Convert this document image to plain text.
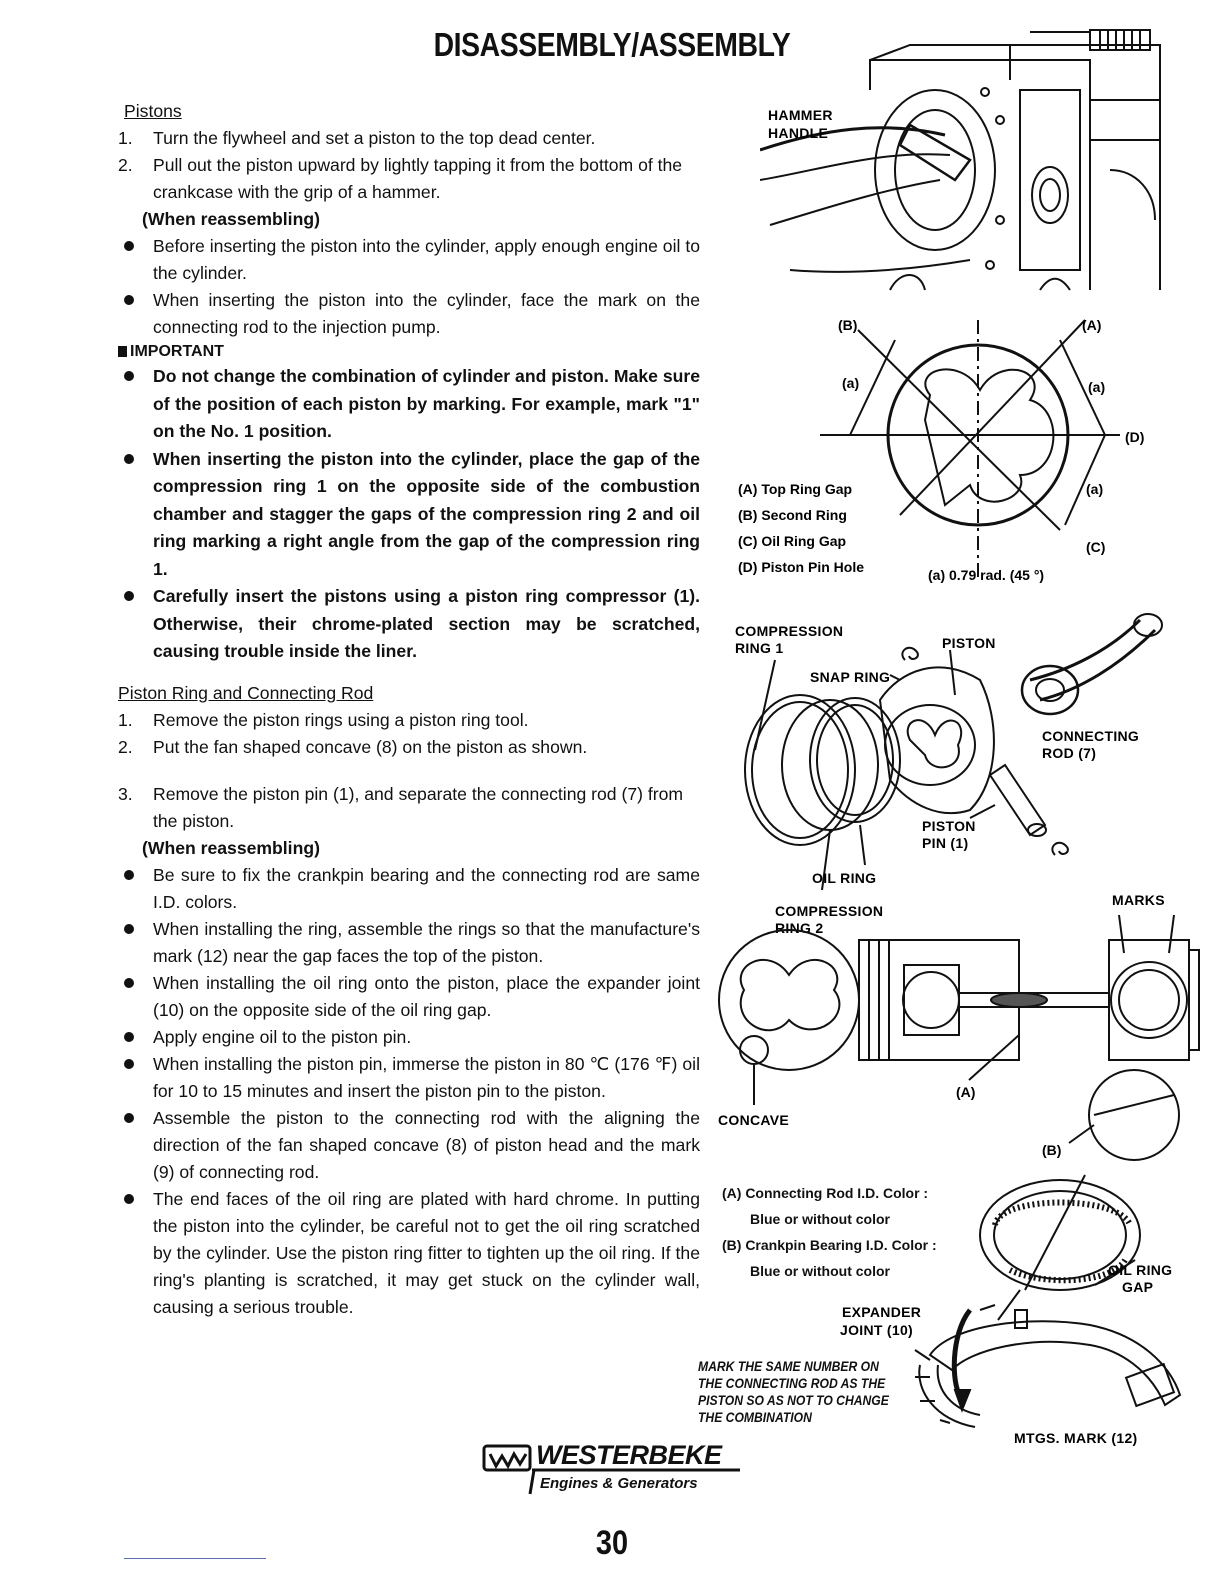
DISASSEMBLY/ASSEMBLY
Pistons
1. Turn the flywheel and set a piston to the top dead center.
2. Pull out the piston upward by lightly tapping it from the bottom of the crankcase with the grip of a hammer.
(When reassembling)
Before inserting the piston into the cylinder, apply enough engine oil to the cylinder.
When inserting the piston into the cylinder, face the mark on the connecting rod to the injection pump.
IMPORTANT
Do not change the combination of cylinder and piston. Make sure of the position of each piston by marking. For example, mark "1" on the No. 1 position.
When inserting the piston into the cylinder, place the gap of the compression ring 1 on the opposite side of the combustion chamber and stagger the gaps of the compression ring 2 and oil ring marking a right angle from the gap of the compression ring 1.
Carefully insert the pistons using a piston ring compressor (1). Otherwise, their chrome-plated section may be scratched, causing trouble inside the liner.
Piston Ring and Connecting Rod
1. Remove the piston rings using a piston ring tool.
2. Put the fan shaped concave (8) on the piston as shown.
3. Remove the piston pin (1), and separate the connecting rod (7) from the piston.
(When reassembling)
Be sure to fix the crankpin bearing and the connecting rod are same I.D. colors.
When installing the ring, assemble the rings so that the manufacture's mark (12) near the gap faces the top of the piston.
When installing the oil ring onto the piston, place the expander joint (10) on the opposite side of the oil ring gap.
Apply engine oil to the piston pin.
When installing the piston pin, immerse the piston in 80 ℃ (176 ℉) oil for 10 to 15 minutes and insert the piston pin to the piston.
Assemble the piston to the connecting rod with the aligning the direction of the fan shaped concave (8) of piston head and the mark (9) of connecting rod.
The end faces of the oil ring are plated with hard chrome. In putting the piston into the cylinder, be careful not to get the oil ring scratched by the cylinder. Use the piston ring fitter to tighten up the oil ring. If the ring's planting is scratched, it may get stuck on the cylinder wall, causing a serious trouble.
HAMMER
HANDLE
(B)	(A)
(a)	(a)
(D)
(a)
(C)
(A) Top Ring Gap
(B) Second Ring
(C) Oil Ring Gap
(D) Piston Pin Hole	(a) 0.79 rad. (45 °)
COMPRESSION
RING 1	PISTON
SNAP RING
CONNECTING
ROD (7)
PISTON
PIN (1)
OIL RING
COMPRESSION
RING 2
MARKS
(A)
CONCAVE
(B)
(A) Connecting Rod I.D. Color :
Blue or without color
(B) Crankpin Bearing I.D. Color :
Blue or without color	OIL RING
GAP
EXPANDER
JOINT (10)
MTGS. MARK (12)
MARK THE SAME NUMBER ON
THE CONNECTING ROD AS THE
PISTON SO AS NOT TO CHANGE
THE COMBINATION
WESTERBEKE
Engines & Generators
30
